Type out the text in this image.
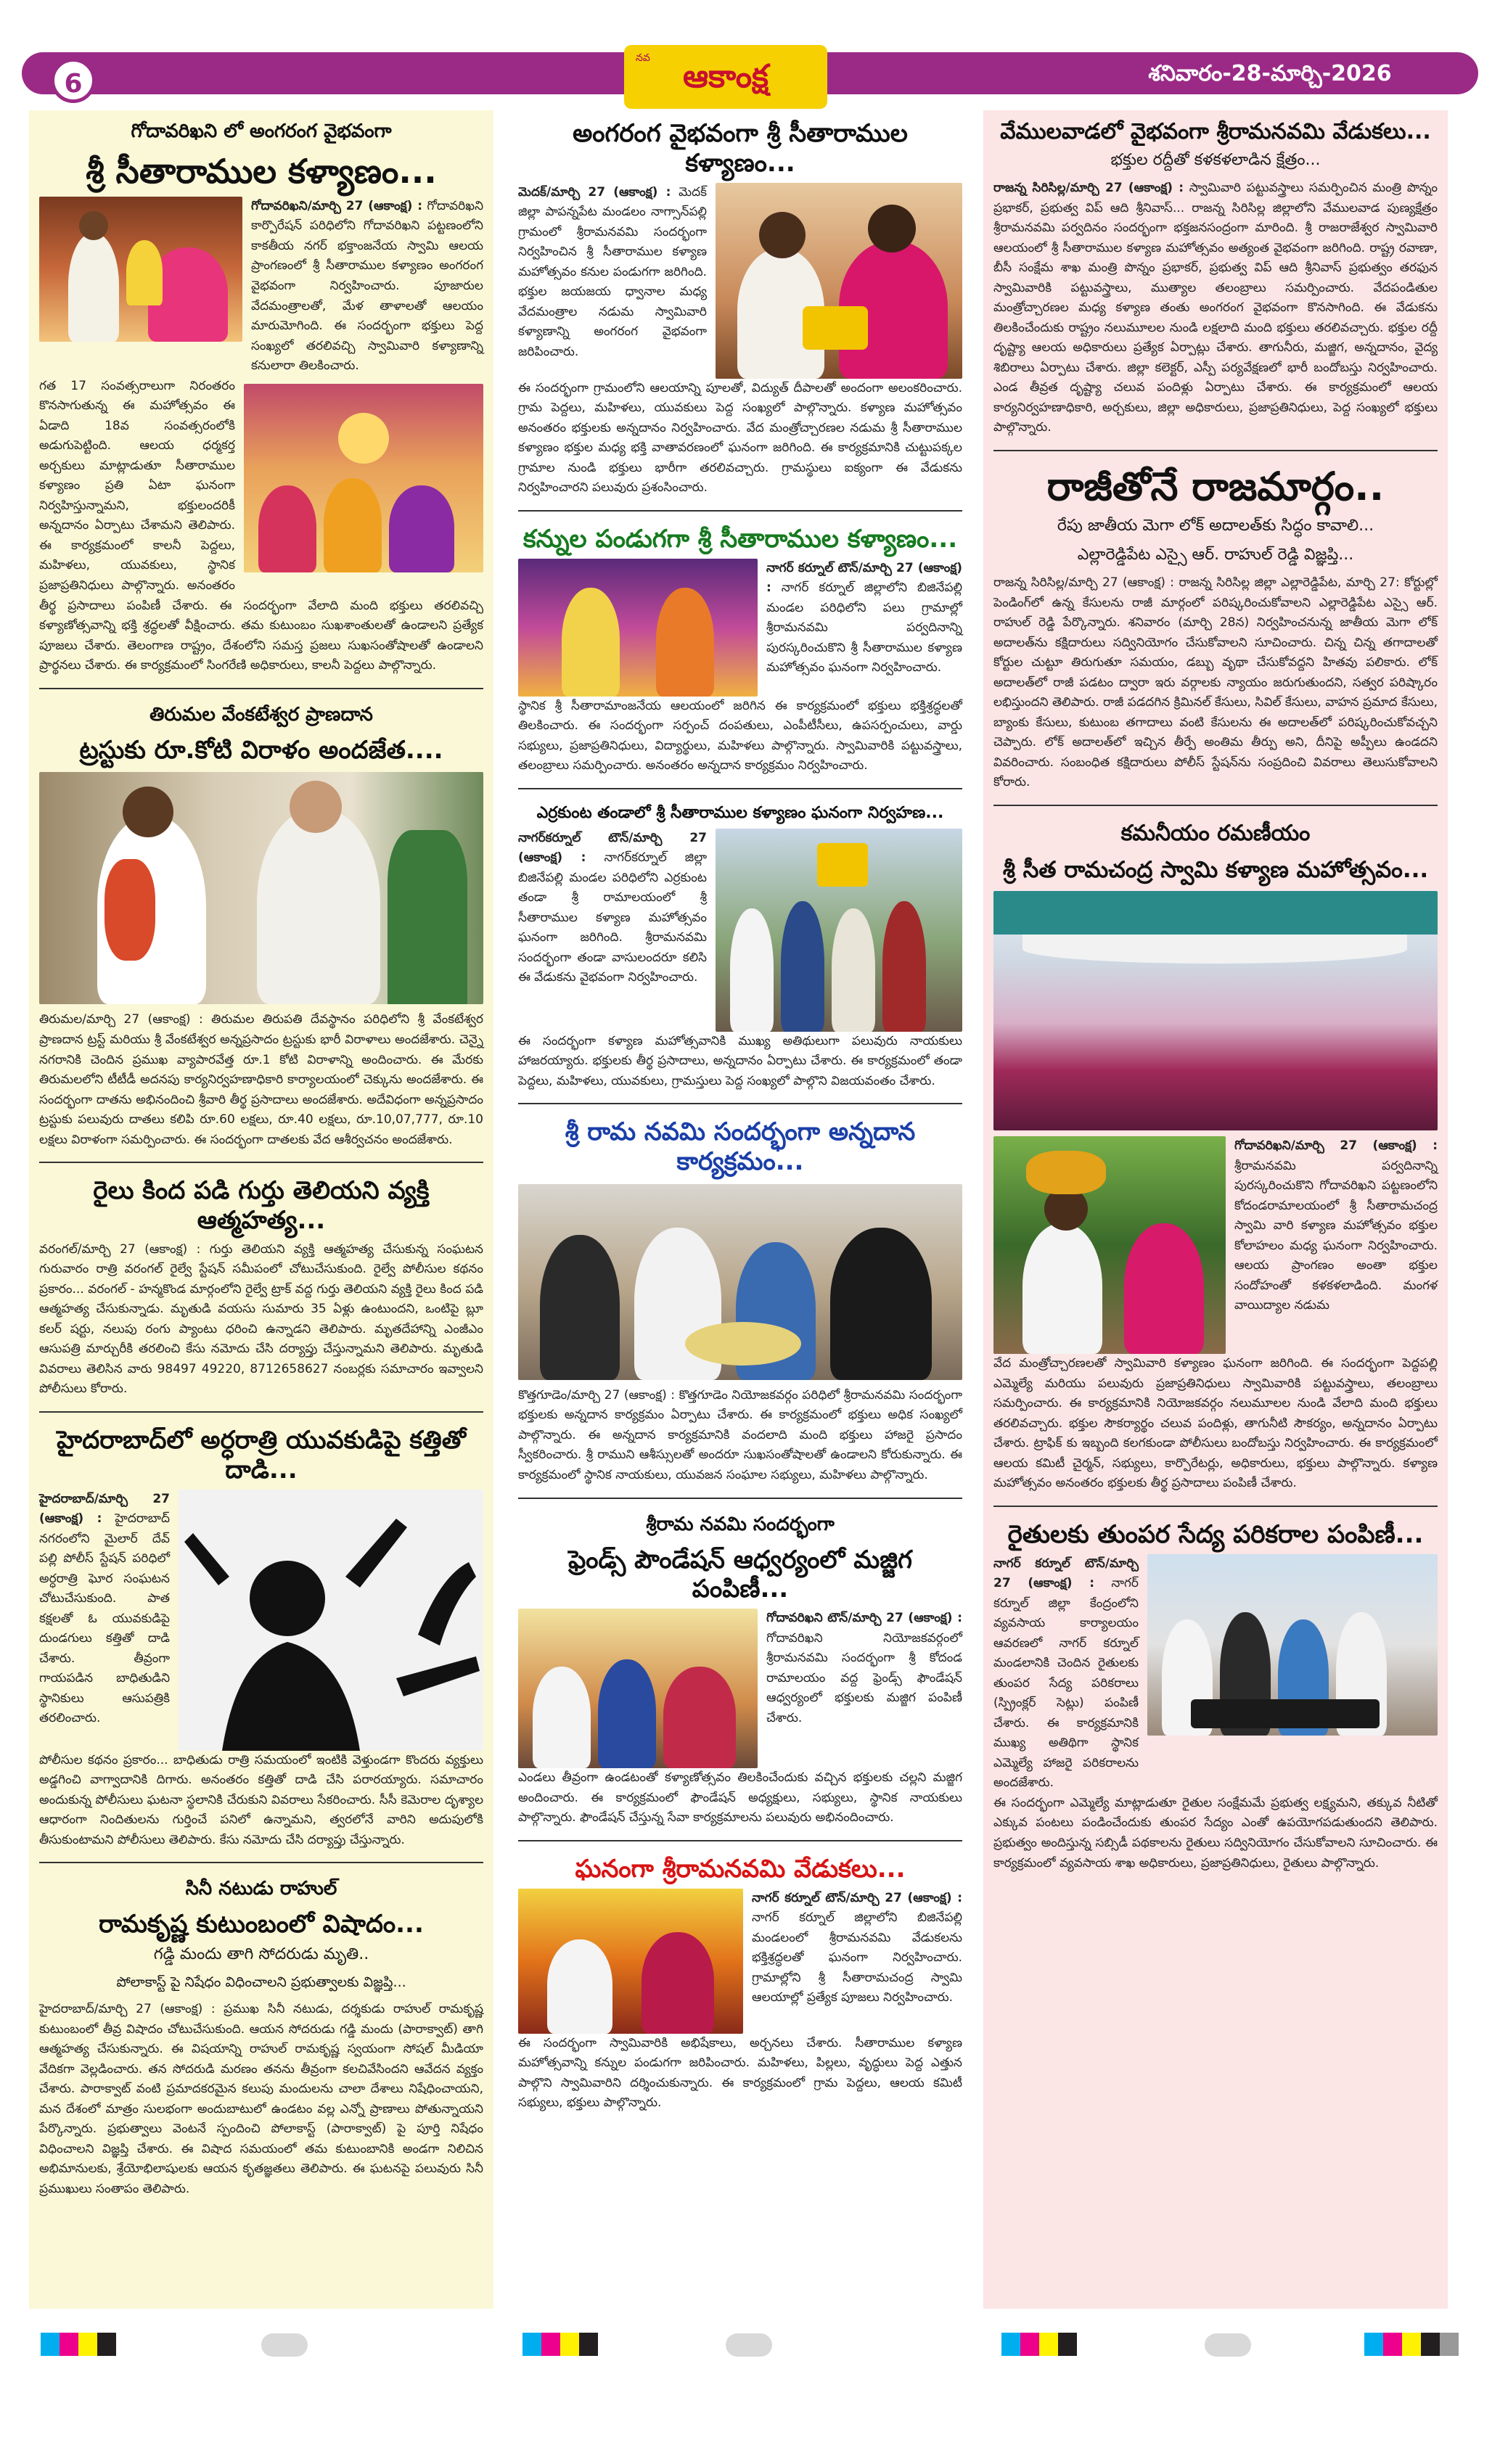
6
నవ ఆకాంక్ష	శనివారం-28-మార్చి-2026
గోదావరిఖని లో అంగరంగ వైభవంగా
శ్రీ సీతారాముల కళ్యాణం...
గోదావరిఖని/మార్చి 27 (ఆకాంక్ష) : గోదావరిఖని కార్పొరేషన్ పరిధిలోని గోదావరిఖని పట్టణంలోని కాకతీయ నగర్ భక్తాంజనేయ స్వామి ఆలయ ప్రాంగణంలో శ్రీ సీతారాముల కళ్యాణం అంగరంగ వైభవంగా నిర్వహించారు. పూజారుల వేదమంత్రాలతో, మేళ తాళాలతో ఆలయం మారుమోగింది. ఈ సందర్భంగా భక్తులు పెద్ద సంఖ్యలో తరలివచ్చి స్వామివారి కళ్యాణాన్ని కనులారా తిలకించారు.
గత 17 సంవత్సరాలుగా నిరంతరం కొనసాగుతున్న ఈ మహోత్సవం ఈ ఏడాది 18వ సంవత్సరంలోకి అడుగుపెట్టింది. ఆలయ ధర్మకర్త అర్చకులు మాట్లాడుతూ సీతారాముల కళ్యాణం ప్రతి ఏటా ఘనంగా నిర్వహిస్తున్నామని, భక్తులందరికీ అన్నదానం ఏర్పాటు చేశామని తెలిపారు. ఈ కార్యక్రమంలో కాలనీ పెద్దలు, మహిళలు, యువకులు, స్థానిక ప్రజాప్రతినిధులు పాల్గొన్నారు. అనంతరం తీర్థ ప్రసాదాలు పంపిణీ చేశారు. ఈ సందర్భంగా వేలాది మంది భక్తులు తరలివచ్చి కళ్యాణోత్సవాన్ని భక్తి శ్రద్ధలతో వీక్షించారు. తమ కుటుంబం సుఖశాంతులతో ఉండాలని ప్రత్యేక పూజలు చేశారు. తెలంగాణ రాష్ట్రం, దేశంలోని సమస్త ప్రజలు సుఖసంతోషాలతో ఉండాలని ప్రార్థనలు చేశారు. ఈ కార్యక్రమంలో సింగరేణి అధికారులు, కాలనీ పెద్దలు పాల్గొన్నారు.
తిరుమల వేంకటేశ్వర ప్రాణదాన
ట్రస్టుకు రూ.కోటి విరాళం అందజేత....
తిరుమల/మార్చి 27 (ఆకాంక్ష) : తిరుమల తిరుపతి దేవస్థానం పరిధిలోని శ్రీ వేంకటేశ్వర ప్రాణదాన ట్రస్ట్ మరియు శ్రీ వేంకటేశ్వర అన్నప్రసాదం ట్రస్టుకు భారీ విరాళాలు అందజేశారు. చెన్నై నగరానికి చెందిన ప్రముఖ వ్యాపారవేత్త రూ.1 కోటి విరాళాన్ని అందించారు. ఈ మేరకు తిరుమలలోని టీటీడీ అదనపు కార్యనిర్వహణాధికారి కార్యాలయంలో చెక్కును అందజేశారు. ఈ సందర్భంగా దాతను అభినందించి శ్రీవారి తీర్థ ప్రసాదాలు అందజేశారు. అదేవిధంగా అన్నప్రసాదం ట్రస్టుకు పలువురు దాతలు కలిపి రూ.60 లక్షలు, రూ.40 లక్షలు, రూ.10,07,777, రూ.10 లక్షలు విరాళంగా సమర్పించారు. ఈ సందర్భంగా దాతలకు వేద ఆశీర్వచనం అందజేశారు.
రైలు కింద పడి గుర్తు తెలియని వ్యక్తి ఆత్మహత్య...
వరంగల్/మార్చి 27 (ఆకాంక్ష) : గుర్తు తెలియని వ్యక్తి ఆత్మహత్య చేసుకున్న సంఘటన గురువారం రాత్రి వరంగల్ రైల్వే స్టేషన్ సమీపంలో చోటుచేసుకుంది. రైల్వే పోలీసుల కథనం ప్రకారం... వరంగల్ - హన్మకొండ మార్గంలోని రైల్వే ట్రాక్ వద్ద గుర్తు తెలియని వ్యక్తి రైలు కింద పడి ఆత్మహత్య చేసుకున్నాడు. మృతుడి వయసు సుమారు 35 ఏళ్లు ఉంటుందని, ఒంటిపై బ్లూ కలర్ షర్టు, నలుపు రంగు ప్యాంటు ధరించి ఉన్నాడని తెలిపారు. మృతదేహాన్ని ఎంజీఎం ఆసుపత్రి మార్చురీకి తరలించి కేసు నమోదు చేసి దర్యాప్తు చేస్తున్నామని తెలిపారు. మృతుడి వివరాలు తెలిసిన వారు 98497 49220, 8712658627 నంబర్లకు సమాచారం ఇవ్వాలని పోలీసులు కోరారు.
హైదరాబాద్‌లో అర్ధరాత్రి యువకుడిపై కత్తితో దాడి...
హైదరాబాద్/మార్చి 27 (ఆకాంక్ష) : హైదరాబాద్ నగరంలోని మైలార్ దేవ్ పల్లి పోలీస్ స్టేషన్ పరిధిలో అర్ధరాత్రి ఘోర సంఘటన చోటుచేసుకుంది. పాత కక్షలతో ఓ యువకుడిపై దుండగులు కత్తితో దాడి చేశారు. తీవ్రంగా గాయపడిన బాధితుడిని స్థానికులు ఆసుపత్రికి తరలించారు.
పోలీసుల కథనం ప్రకారం... బాధితుడు రాత్రి సమయంలో ఇంటికి వెళ్తుండగా కొందరు వ్యక్తులు అడ్డగించి వాగ్వాదానికి దిగారు. అనంతరం కత్తితో దాడి చేసి పరారయ్యారు. సమాచారం అందుకున్న పోలీసులు ఘటనా స్థలానికి చేరుకుని వివరాలు సేకరించారు. సీసీ కెమెరాల దృశ్యాల ఆధారంగా నిందితులను గుర్తించే పనిలో ఉన్నామని, త్వరలోనే వారిని అదుపులోకి తీసుకుంటామని పోలీసులు తెలిపారు. కేసు నమోదు చేసి దర్యాప్తు చేస్తున్నారు.
సినీ నటుడు రాహుల్
రామకృష్ణ కుటుంబంలో విషాదం...
గడ్డి మందు తాగి సోదరుడు మృతి..
పోలాకాస్ట్ పై నిషేధం విధించాలని ప్రభుత్వాలకు విజ్ఞప్తి...
హైదరాబాద్/మార్చి 27 (ఆకాంక్ష) : ప్రముఖ సినీ నటుడు, దర్శకుడు రాహుల్ రామకృష్ణ కుటుంబంలో తీవ్ర విషాదం చోటుచేసుకుంది. ఆయన సోదరుడు గడ్డి మందు (పారాక్వాట్) తాగి ఆత్మహత్య చేసుకున్నారు. ఈ విషయాన్ని రాహుల్ రామకృష్ణ స్వయంగా సోషల్ మీడియా వేదికగా వెల్లడించారు. తన సోదరుడి మరణం తనను తీవ్రంగా కలచివేసిందని ఆవేదన వ్యక్తం చేశారు. పారాక్వాట్ వంటి ప్రమాదకరమైన కలుపు మందులను చాలా దేశాలు నిషేధించాయని, మన దేశంలో మాత్రం సులభంగా అందుబాటులో ఉండటం వల్ల ఎన్నో ప్రాణాలు పోతున్నాయని పేర్కొన్నారు. ప్రభుత్వాలు వెంటనే స్పందించి పోలాకాస్ట్ (పారాక్వాట్) పై పూర్తి నిషేధం విధించాలని విజ్ఞప్తి చేశారు. ఈ విషాద సమయంలో తమ కుటుంబానికి అండగా నిలిచిన అభిమానులకు, శ్రేయోభిలాషులకు ఆయన కృతజ్ఞతలు తెలిపారు. ఈ ఘటనపై పలువురు సినీ ప్రముఖులు సంతాపం తెలిపారు.
అంగరంగ వైభవంగా శ్రీ సీతారాముల కళ్యాణం...
మెదక్/మార్చి 27 (ఆకాంక్ష) : మెదక్ జిల్లా పాపన్నపేట మండలం నాగ్సాన్‌పల్లి గ్రామంలో శ్రీరామనవమి సందర్భంగా నిర్వహించిన శ్రీ సీతారాముల కళ్యాణ మహోత్సవం కనుల పండుగగా జరిగింది. భక్తుల జయజయ ధ్వానాల మధ్య వేదమంత్రాల నడుమ స్వామివారి కళ్యాణాన్ని అంగరంగ వైభవంగా జరిపించారు.
ఈ సందర్భంగా గ్రామంలోని ఆలయాన్ని పూలతో, విద్యుత్ దీపాలతో అందంగా అలంకరించారు. గ్రామ పెద్దలు, మహిళలు, యువకులు పెద్ద సంఖ్యలో పాల్గొన్నారు. కళ్యాణ మహోత్సవం అనంతరం భక్తులకు అన్నదానం నిర్వహించారు. వేద మంత్రోచ్చారణల నడుమ శ్రీ సీతారాముల కళ్యాణం భక్తుల మధ్య భక్తి వాతావరణంలో ఘనంగా జరిగింది. ఈ కార్యక్రమానికి చుట్టుపక్కల గ్రామాల నుండి భక్తులు భారీగా తరలివచ్చారు. గ్రామస్థులు ఐక్యంగా ఈ వేడుకను నిర్వహించారని పలువురు ప్రశంసించారు.
కన్నుల పండుగగా శ్రీ సీతారాముల కళ్యాణం...
నాగర్ కర్నూల్ టౌన్/మార్చి 27 (ఆకాంక్ష) : నాగర్ కర్నూల్ జిల్లాలోని బిజినేపల్లి మండల పరిధిలోని పలు గ్రామాల్లో శ్రీరామనవమి పర్వదినాన్ని పురస్కరించుకొని శ్రీ సీతారాముల కళ్యాణ మహోత్సవం ఘనంగా నిర్వహించారు.
స్థానిక శ్రీ సీతారామాంజనేయ ఆలయంలో జరిగిన ఈ కార్యక్రమంలో భక్తులు భక్తిశ్రద్ధలతో తిలకించారు. ఈ సందర్భంగా సర్పంచ్ దంపతులు, ఎంపీటీసీలు, ఉపసర్పంచులు, వార్డు సభ్యులు, ప్రజాప్రతినిధులు, విద్యార్థులు, మహిళలు పాల్గొన్నారు. స్వామివారికి పట్టువస్త్రాలు, తలంబ్రాలు సమర్పించారు. అనంతరం అన్నదాన కార్యక్రమం నిర్వహించారు.
ఎర్రకుంట తండాలో శ్రీ సీతారాముల కళ్యాణం ఘనంగా నిర్వహణ...
నాగర్‌కర్నూల్ టౌన్/మార్చి 27 (ఆకాంక్ష) : నాగర్‌కర్నూల్ జిల్లా బిజినేపల్లి మండల పరిధిలోని ఎర్రకుంట తండా శ్రీ రామాలయంలో శ్రీ సీతారాముల కళ్యాణ మహోత్సవం ఘనంగా జరిగింది. శ్రీరామనవమి సందర్భంగా తండా వాసులందరూ కలిసి ఈ వేడుకను వైభవంగా నిర్వహించారు.
ఈ సందర్భంగా కళ్యాణ మహోత్సవానికి ముఖ్య అతిథులుగా పలువురు నాయకులు హాజరయ్యారు. భక్తులకు తీర్థ ప్రసాదాలు, అన్నదానం ఏర్పాటు చేశారు. ఈ కార్యక్రమంలో తండా పెద్దలు, మహిళలు, యువకులు, గ్రామస్తులు పెద్ద సంఖ్యలో పాల్గొని విజయవంతం చేశారు.
శ్రీ రామ నవమి సందర్భంగా అన్నదాన కార్యక్రమం...
కొత్తగూడెం/మార్చి 27 (ఆకాంక్ష) : కొత్తగూడెం నియోజకవర్గం పరిధిలో శ్రీరామనవమి సందర్భంగా భక్తులకు అన్నదాన కార్యక్రమం ఏర్పాటు చేశారు. ఈ కార్యక్రమంలో భక్తులు అధిక సంఖ్యలో పాల్గొన్నారు. ఈ అన్నదాన కార్యక్రమానికి వందలాది మంది భక్తులు హాజరై ప్రసాదం స్వీకరించారు. శ్రీ రాముని ఆశీస్సులతో అందరూ సుఖసంతోషాలతో ఉండాలని కోరుకున్నారు. ఈ కార్యక్రమంలో స్థానిక నాయకులు, యువజన సంఘాల సభ్యులు, మహిళలు పాల్గొన్నారు.
శ్రీరామ నవమి సందర్భంగా
ఫ్రెండ్స్ పౌండేషన్ ఆధ్వర్యంలో మజ్జిగ పంపిణీ...
గోదావరిఖని టౌన్/మార్చి 27 (ఆకాంక్ష) : గోదావరిఖని నియోజకవర్గంలో శ్రీరామనవమి సందర్భంగా శ్రీ కోదండ రామాలయం వద్ద ఫ్రెండ్స్ ఫౌండేషన్ ఆధ్వర్యంలో భక్తులకు మజ్జిగ పంపిణీ చేశారు.
ఎండలు తీవ్రంగా ఉండటంతో కళ్యాణోత్సవం తిలకించేందుకు వచ్చిన భక్తులకు చల్లని మజ్జిగ అందించారు. ఈ కార్యక్రమంలో ఫౌండేషన్ అధ్యక్షులు, సభ్యులు, స్థానిక నాయకులు పాల్గొన్నారు. ఫౌండేషన్ చేస్తున్న సేవా కార్యక్రమాలను పలువురు అభినందించారు.
ఘనంగా శ్రీరామనవమి వేడుకలు...
నాగర్ కర్నూల్ టౌన్/మార్చి 27 (ఆకాంక్ష) : నాగర్ కర్నూల్ జిల్లాలోని బిజినేపల్లి మండలంలో శ్రీరామనవమి వేడుకలను భక్తిశ్రద్ధలతో ఘనంగా నిర్వహించారు. గ్రామాల్లోని శ్రీ సీతారామచంద్ర స్వామి ఆలయాల్లో ప్రత్యేక పూజలు నిర్వహించారు.
ఈ సందర్భంగా స్వామివారికి అభిషేకాలు, అర్చనలు చేశారు. సీతారాముల కళ్యాణ మహోత్సవాన్ని కన్నుల పండుగగా జరిపించారు. మహిళలు, పిల్లలు, వృద్ధులు పెద్ద ఎత్తున పాల్గొని స్వామివారిని దర్శించుకున్నారు. ఈ కార్యక్రమంలో గ్రామ పెద్దలు, ఆలయ కమిటీ సభ్యులు, భక్తులు పాల్గొన్నారు.
వేములవాడలో వైభవంగా శ్రీరామనవమి వేడుకలు...
భక్తుల రద్దీతో కళకళలాడిన క్షేత్రం...
రాజన్న సిరిసిల్ల/మార్చి 27 (ఆకాంక్ష) : స్వామివారి పట్టువస్త్రాలు సమర్పించిన మంత్రి పొన్నం ప్రభాకర్, ప్రభుత్వ విప్ ఆది శ్రీనివాస్... రాజన్న సిరిసిల్ల జిల్లాలోని వేములవాడ పుణ్యక్షేత్రం శ్రీరామనవమి పర్వదినం సందర్భంగా భక్తజనసంద్రంగా మారింది. శ్రీ రాజరాజేశ్వర స్వామివారి ఆలయంలో శ్రీ సీతారాముల కళ్యాణ మహోత్సవం అత్యంత వైభవంగా జరిగింది. రాష్ట్ర రవాణా, బీసీ సంక్షేమ శాఖ మంత్రి పొన్నం ప్రభాకర్, ప్రభుత్వ విప్ ఆది శ్రీనివాస్ ప్రభుత్వం తరఫున స్వామివారికి పట్టువస్త్రాలు, ముత్యాల తలంబ్రాలు సమర్పించారు. వేదపండితుల మంత్రోచ్చారణల మధ్య కళ్యాణ తంతు అంగరంగ వైభవంగా కొనసాగింది. ఈ వేడుకను తిలకించేందుకు రాష్ట్రం నలుమూలల నుండి లక్షలాది మంది భక్తులు తరలివచ్చారు. భక్తుల రద్దీ దృష్ట్యా ఆలయ అధికారులు ప్రత్యేక ఏర్పాట్లు చేశారు. తాగునీరు, మజ్జిగ, అన్నదానం, వైద్య శిబిరాలు ఏర్పాటు చేశారు. జిల్లా కలెక్టర్, ఎస్పీ పర్యవేక్షణలో భారీ బందోబస్తు నిర్వహించారు. ఎండ తీవ్రత దృష్ట్యా చలువ పందిళ్లు ఏర్పాటు చేశారు. ఈ కార్యక్రమంలో ఆలయ కార్యనిర్వహణాధికారి, అర్చకులు, జిల్లా అధికారులు, ప్రజాప్రతినిధులు, పెద్ద సంఖ్యలో భక్తులు పాల్గొన్నారు.
రాజీతోనే రాజమార్గం..
రేపు జాతీయ మెగా లోక్ అదాలత్‌కు సిద్ధం కావాలి...
ఎల్లారెడ్డిపేట ఎస్సై ఆర్. రాహుల్ రెడ్డి విజ్ఞప్తి...
రాజన్న సిరిసిల్ల/మార్చి 27 (ఆకాంక్ష) : రాజన్న సిరిసిల్ల జిల్లా ఎల్లారెడ్డిపేట, మార్చి 27: కోర్టుల్లో పెండింగ్‌లో ఉన్న కేసులను రాజీ మార్గంలో పరిష్కరించుకోవాలని ఎల్లారెడ్డిపేట ఎస్సై ఆర్. రాహుల్ రెడ్డి పేర్కొన్నారు. శనివారం (మార్చి 28న) నిర్వహించనున్న జాతీయ మెగా లోక్ అదాలత్‌ను కక్షిదారులు సద్వినియోగం చేసుకోవాలని సూచించారు. చిన్న చిన్న తగాదాలతో కోర్టుల చుట్టూ తిరుగుతూ సమయం, డబ్బు వృథా చేసుకోవద్దని హితవు పలికారు. లోక్ అదాలత్‌లో రాజీ పడటం ద్వారా ఇరు వర్గాలకు న్యాయం జరుగుతుందని, సత్వర పరిష్కారం లభిస్తుందని తెలిపారు. రాజీ పడదగిన క్రిమినల్ కేసులు, సివిల్ కేసులు, వాహన ప్రమాద కేసులు, బ్యాంకు కేసులు, కుటుంబ తగాదాలు వంటి కేసులను ఈ అదాలత్‌లో పరిష్కరించుకోవచ్చని చెప్పారు. లోక్ అదాలత్‌లో ఇచ్చిన తీర్పే అంతిమ తీర్పు అని, దీనిపై అప్పీలు ఉండదని వివరించారు. సంబంధిత కక్షిదారులు పోలీస్ స్టేషన్‌ను సంప్రదించి వివరాలు తెలుసుకోవాలని కోరారు.
కమనీయం రమణీయం
శ్రీ సీత రామచంద్ర స్వామి కళ్యాణ మహోత్సవం...
గోదావరిఖని/మార్చి 27 (ఆకాంక్ష) : శ్రీరామనవమి పర్వదినాన్ని పురస్కరించుకొని గోదావరిఖని పట్టణంలోని కోదండరామాలయంలో శ్రీ సీతారామచంద్ర స్వామి వారి కళ్యాణ మహోత్సవం భక్తుల కోలాహలం మధ్య ఘనంగా నిర్వహించారు. ఆలయ ప్రాంగణం అంతా భక్తుల సందోహంతో కళకళలాడింది. మంగళ వాయిద్యాల నడుమ
వేద మంత్రోచ్చారణలతో స్వామివారి కళ్యాణం ఘనంగా జరిగింది. ఈ సందర్భంగా పెద్దపల్లి ఎమ్మెల్యే మరియు పలువురు ప్రజాప్రతినిధులు స్వామివారికి పట్టువస్త్రాలు, తలంబ్రాలు సమర్పించారు. ఈ కార్యక్రమానికి నియోజకవర్గం నలుమూలల నుండి వేలాది మంది భక్తులు తరలివచ్చారు. భక్తుల సౌకర్యార్థం చలువ పందిళ్లు, తాగునీటి సౌకర్యం, అన్నదానం ఏర్పాటు చేశారు. ట్రాఫిక్ కు ఇబ్బంది కలగకుండా పోలీసులు బందోబస్తు నిర్వహించారు. ఈ కార్యక్రమంలో ఆలయ కమిటీ చైర్మన్, సభ్యులు, కార్పొరేటర్లు, అధికారులు, భక్తులు పాల్గొన్నారు. కళ్యాణ మహోత్సవం అనంతరం భక్తులకు తీర్థ ప్రసాదాలు పంపిణీ చేశారు.
రైతులకు తుంపర సేద్య పరికరాల పంపిణీ...
నాగర్ కర్నూల్ టౌన్/మార్చి 27 (ఆకాంక్ష) : నాగర్ కర్నూల్ జిల్లా కేంద్రంలోని వ్యవసాయ కార్యాలయం ఆవరణలో నాగర్ కర్నూల్ మండలానికి చెందిన రైతులకు తుంపర సేద్య పరికరాలు (స్ప్రింక్లర్ సెట్లు) పంపిణీ చేశారు. ఈ కార్యక్రమానికి ముఖ్య అతిథిగా స్థానిక ఎమ్మెల్యే హాజరై పరికరాలను అందజేశారు.
ఈ సందర్భంగా ఎమ్మెల్యే మాట్లాడుతూ రైతుల సంక్షేమమే ప్రభుత్వ లక్ష్యమని, తక్కువ నీటితో ఎక్కువ పంటలు పండించేందుకు తుంపర సేద్యం ఎంతో ఉపయోగపడుతుందని తెలిపారు. ప్రభుత్వం అందిస్తున్న సబ్సిడీ పథకాలను రైతులు సద్వినియోగం చేసుకోవాలని సూచించారు. ఈ కార్యక్రమంలో వ్యవసాయ శాఖ అధికారులు, ప్రజాప్రతినిధులు, రైతులు పాల్గొన్నారు.
